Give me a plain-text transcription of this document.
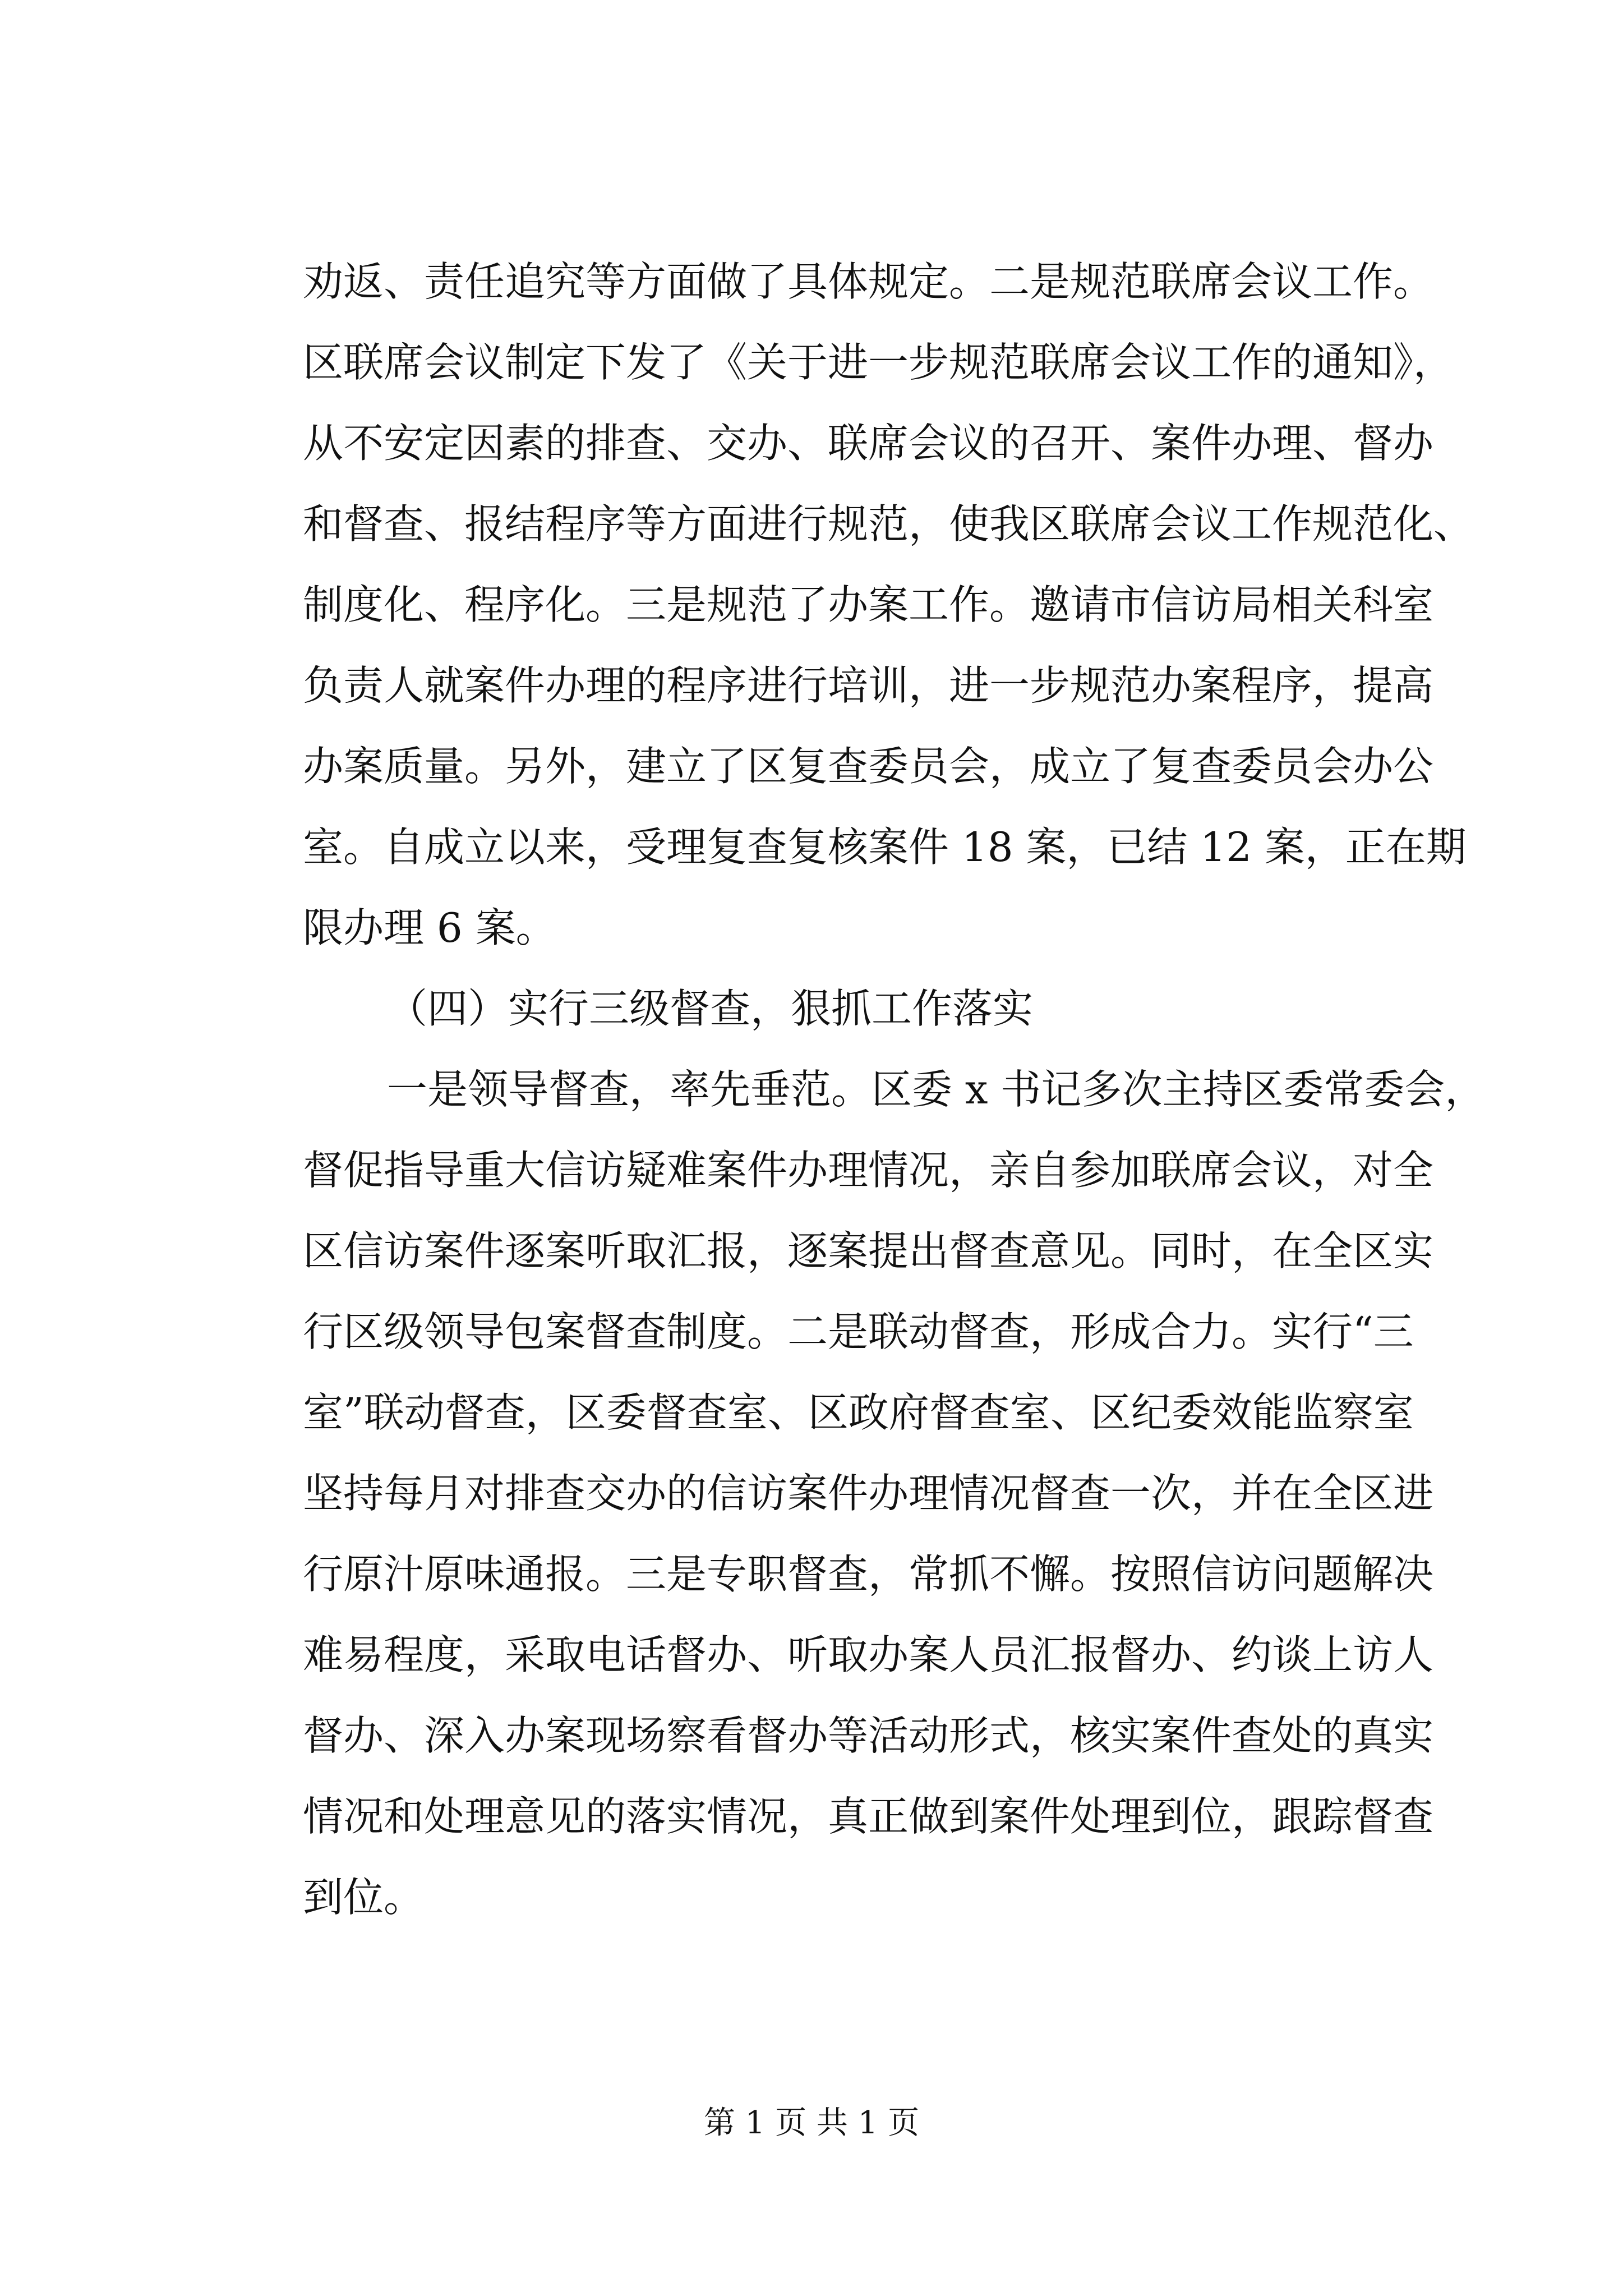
劝返、责任追究等方面做了具体规定。二是规范联席会议工作。
区联席会议制定下发了《关于进一步规范联席会议工作的通知》，
从不安定因素的排查、交办、联席会议的召开、案件办理、督办
和督查、报结程序等方面进行规范，使我区联席会议工作规范化、
制度化、程序化。三是规范了办案工作。邀请市信访局相关科室
负责人就案件办理的程序进行培训，进一步规范办案程序，提高
办案质量。另外，建立了区复查委员会，成立了复查委员会办公
室。自成立以来，受理复查复核案件 18 案，已结 12 案，正在期
限办理 6 案。
（四）实行三级督查，狠抓工作落实
一是领导督查，率先垂范。区委 x 书记多次主持区委常委会，
督促指导重大信访疑难案件办理情况，亲自参加联席会议，对全
区信访案件逐案听取汇报，逐案提出督查意见。同时，在全区实
行区级领导包案督查制度。二是联动督查，形成合力。实行“三
室”联动督查，区委督查室、区政府督查室、区纪委效能监察室
坚持每月对排查交办的信访案件办理情况督查一次，并在全区进
行原汁原味通报。三是专职督查，常抓不懈。按照信访问题解决
难易程度，采取电话督办、听取办案人员汇报督办、约谈上访人
督办、深入办案现场察看督办等活动形式，核实案件查处的真实
情况和处理意见的落实情况，真正做到案件处理到位，跟踪督查
到位。
第 1 页 共 1 页
